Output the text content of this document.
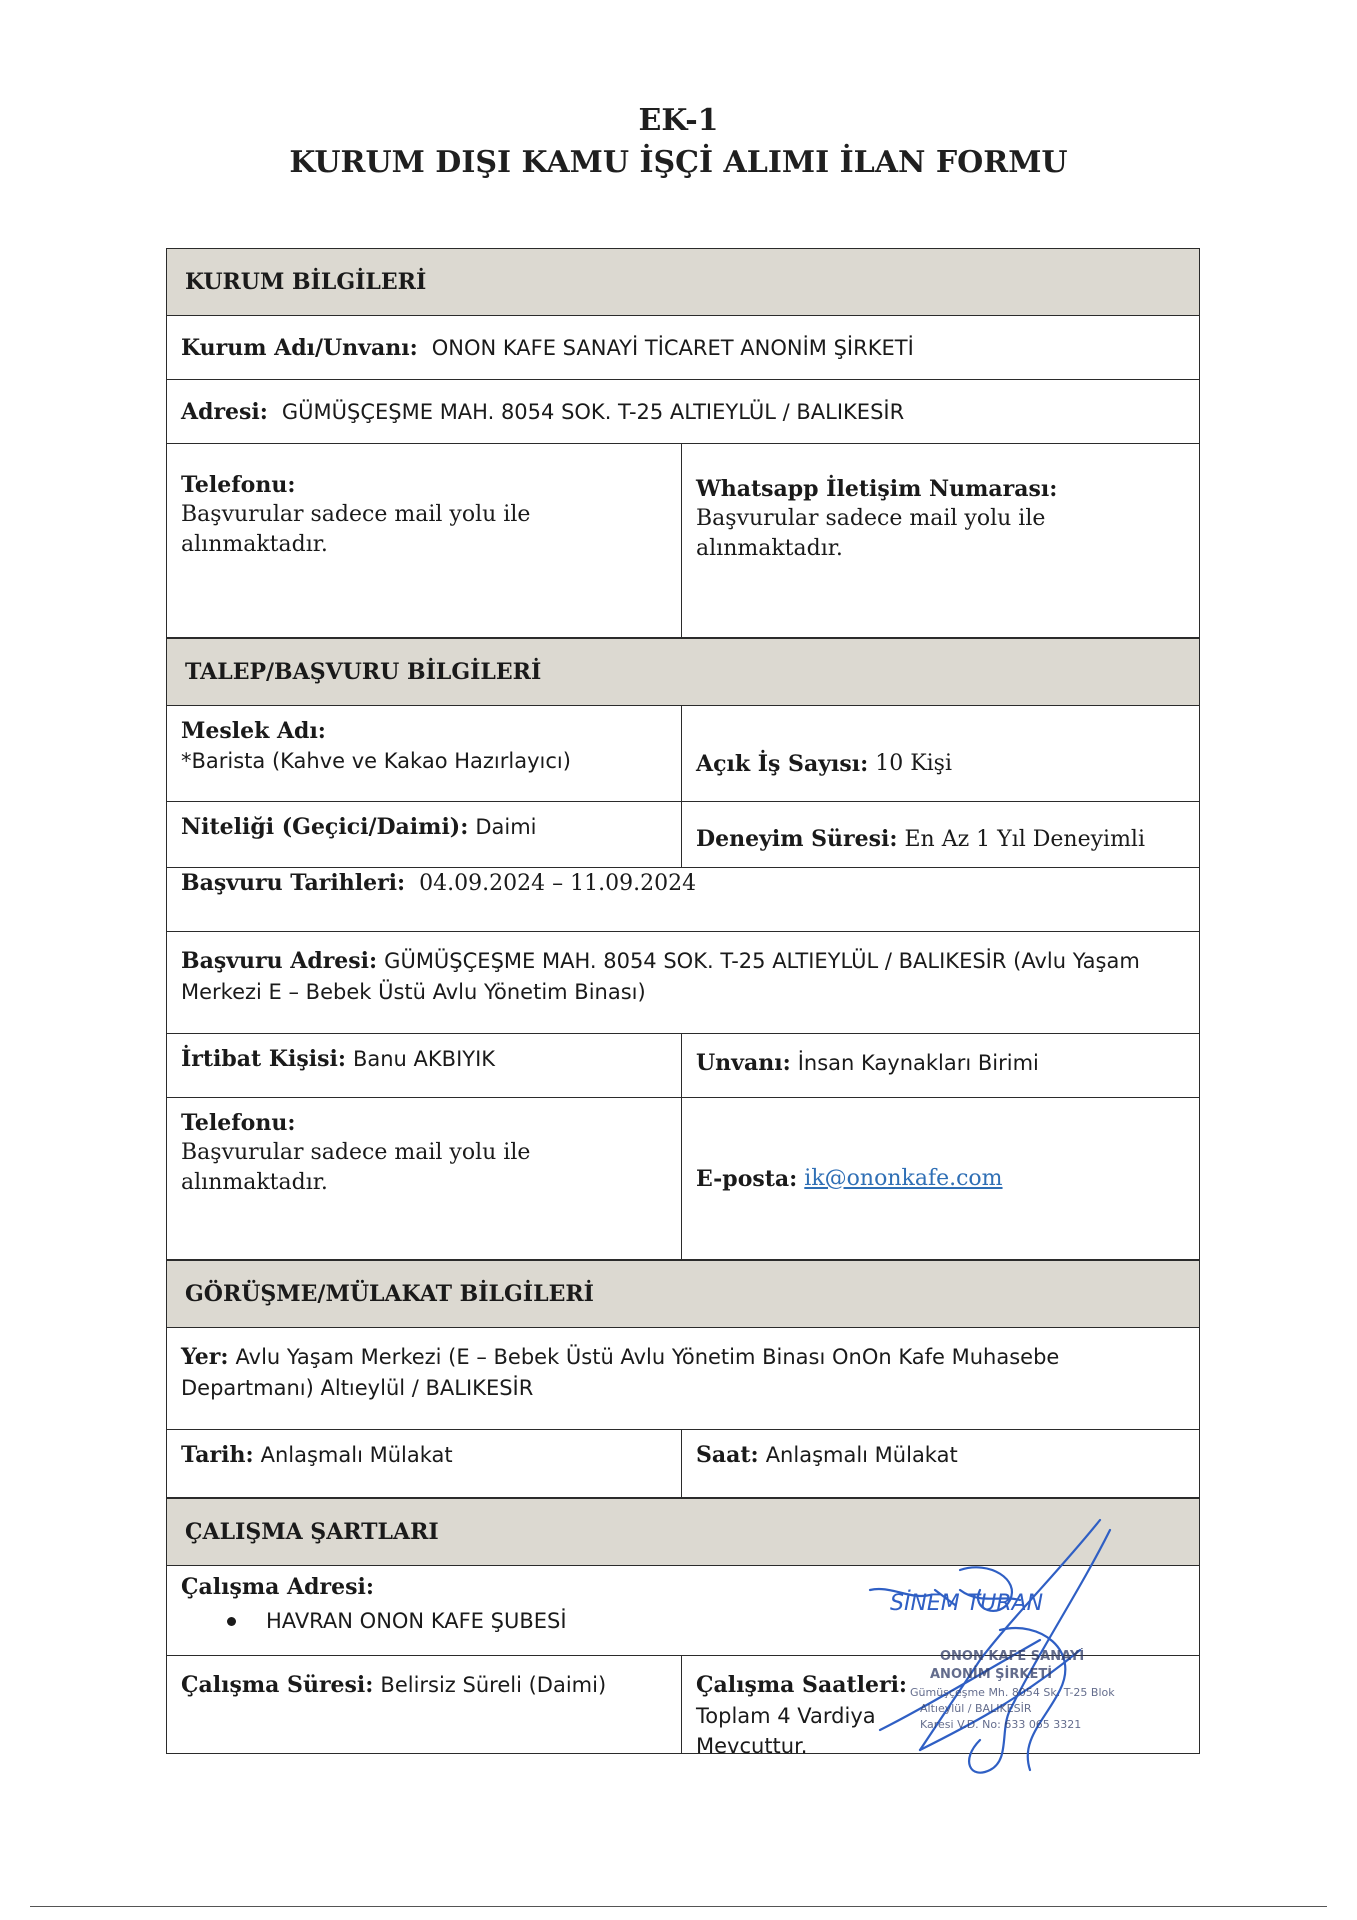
EK-1
KURUM DIŞI KAMU İŞÇİ ALIMI İLAN FORMU
KURUM BİLGİLERİ
Kurum Adı/Unvanı:
ONON KAFE SANAYİ TİCARET ANONİM ŞİRKETİ
Adresi:
GÜMÜŞÇEŞME MAH. 8054 SOK. T-25 ALTIEYLÜL / BALIKESİR
Telefonu:
Başvurular sadece mail yolu ile alınmaktadır.
Whatsapp İletişim Numarası:
Başvurular sadece mail yolu ile alınmaktadır.
TALEP/BAŞVURU BİLGİLERİ
Meslek Adı:
*Barista (Kahve ve Kakao Hazırlayıcı)	Açık İş Sayısı:
10 Kişi
Niteliği (Geçici/Daimi): Daimi	Deneyim Süresi: En Az 1 Yıl Deneyimli
Başvuru Tarihleri: 04.09.2024 – 11.09.2024
Başvuru Adresi: GÜMÜŞÇEŞME MAH. 8054 SOK. T-25 ALTIEYLÜL / BALIKESİR (Avlu Yaşam Merkezi E – Bebek Üstü Avlu Yönetim Binası)
İrtibat Kişisi: Banu AKBIYIK	Unvanı: İnsan Kaynakları Birimi
Telefonu:
Başvurular sadece mail yolu ile alınmaktadır.	E-posta:
ik@ononkafe.com
GÖRÜŞME/MÜLAKAT BİLGİLERİ
Yer: Avlu Yaşam Merkezi (E – Bebek Üstü Avlu Yönetim Binası OnOn Kafe Muhasebe Departmanı) Altıeylül / BALIKESİR
Tarih: Anlaşmalı Mülakat	Saat: Anlaşmalı Mülakat
ÇALIŞMA ŞARTLARI
Çalışma Adresi:
HAVRAN ONON KAFE ŞUBESİ
Çalışma Süresi: Belirsiz Süreli (Daimi)	Çalışma Saatleri:
Toplam 4 Vardiya Mevcuttur.
ONON KAFE SANAYİ
ANONİM ŞİRKETİ
Gümüşçeşme Mh. 8054 Sk. T-25 Blok
Altıeylül / BALIKESİR
Karesi V.D. No: 633 065 3321
SİNEM TURAN
